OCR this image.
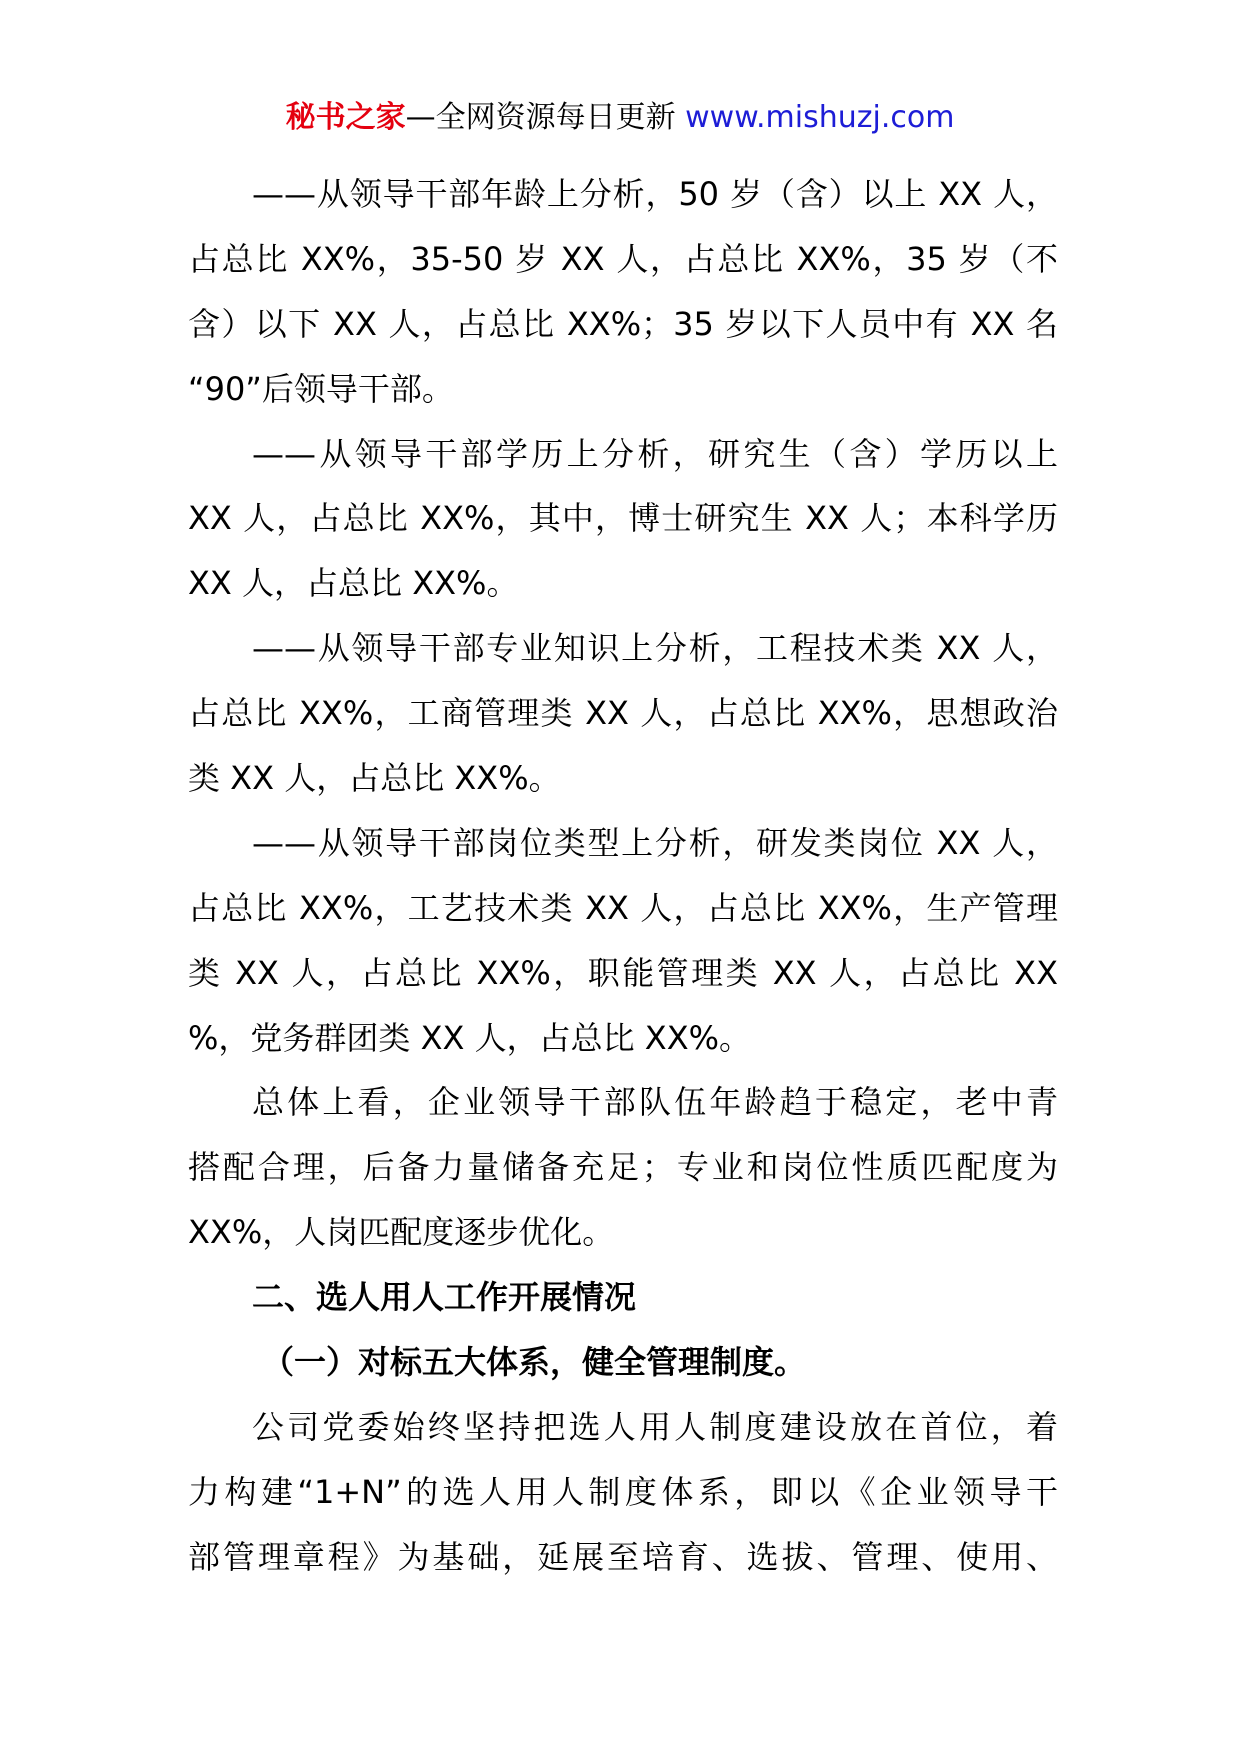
秘书之家—全网资源每日更新 www.mishuzj.com
——从领导干部年龄上分析，50 岁（含）以上 XX 人，
占总比 XX%，35-50 岁 XX 人，占总比 XX%，35 岁（不
含）以下 XX 人，占总比 XX%；35 岁以下人员中有 XX 名
“90”后领导干部。
——从领导干部学历上分析，研究生（含）学历以上
XX 人，占总比 XX%，其中，博士研究生 XX 人；本科学历
XX 人，占总比 XX%。
——从领导干部专业知识上分析，工程技术类 XX 人，
占总比 XX%，工商管理类 XX 人，占总比 XX%，思想政治
类 XX 人，占总比 XX%。
——从领导干部岗位类型上分析，研发类岗位 XX 人，
占总比 XX%，工艺技术类 XX 人，占总比 XX%，生产管理
类 XX 人，占总比 XX%，职能管理类 XX 人，占总比 XX
%，党务群团类 XX 人，占总比 XX%。
总体上看，企业领导干部队伍年龄趋于稳定，老中青
搭配合理，后备力量储备充足；专业和岗位性质匹配度为
XX%，人岗匹配度逐步优化。
二、选人用人工作开展情况
（一）对标五大体系，健全管理制度。
公司党委始终坚持把选人用人制度建设放在首位，着
力构建“1+N”的选人用人制度体系，即以《企业领导干
部管理章程》为基础，延展至培育、选拔、管理、使用、
